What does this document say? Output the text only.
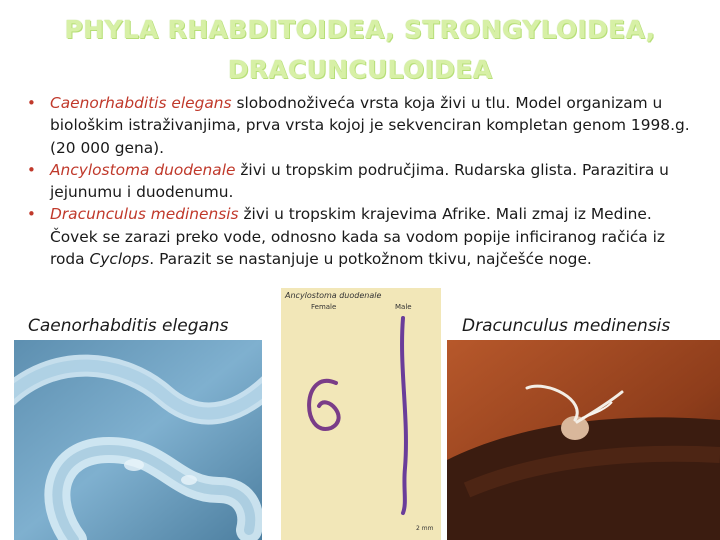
PHYLA RHABDITOIDEA, STRONGYLOIDEA,
DRACUNCULOIDEA
• Caenorhabditis elegans slobodnoživeća vrsta koja živi u tlu. Model organizam u biološkim istraživanjima, prva vrsta kojoj je sekvenciran kompletan genom 1998.g. (20 000 gena).
• Ancylostoma duodenale živi u tropskim područjima. Rudarska glista. Parazitira u jejunumu i duodenumu.
• Dracunculus medinensis živi u tropskim krajevima Afrike. Mali zmaj iz Medine. Čovek se zarazi preko vode, odnosno kada sa vodom popije inficiranog račića iz roda Cyclops. Parazit se nastanjuje u potkožnom tkivu, najčešće noge.
Caenorhabditis elegans	Dracunculus medinensis
Ancylostoma duodenale
Female	Male
2 mm
